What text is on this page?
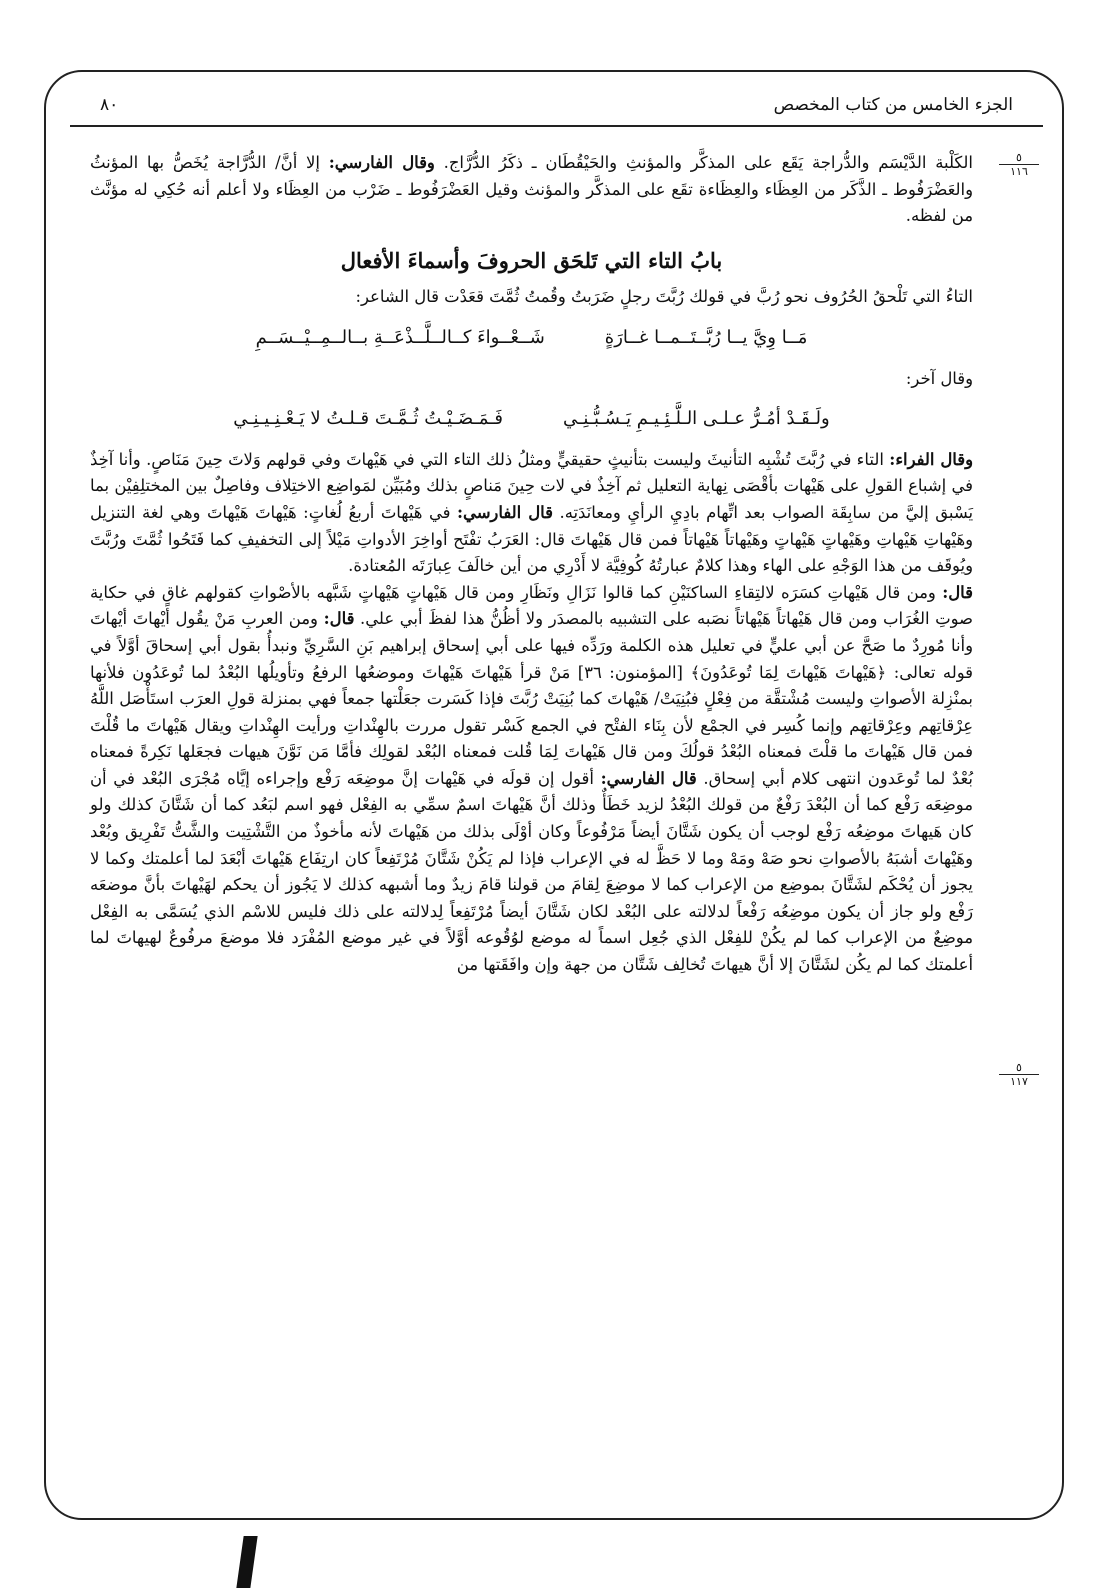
الجزء الخامس من كتاب المخصص
٨٠
٥
١١٦
٥
١١٧

الكَلْبة الدَّيْسَم والدُّراجة يَقَع على المذكَّر والمؤنثِ والحَيْقُطَان ـ ذكَرُ الدُّرَّاج. وقال الفارسي: إلا أنَّ/ الدُّرَّاجة يُخَصُّ بها المؤنثُ والعَضْرَفُوط ـ الذَّكَر من العِظَاء والعِظَاءة تقَع على المذكَّر والمؤنث وقيل العَضْرَفُوط ـ ضَرْب من العِظَاء ولا أعلم أنه حُكِي له مؤنَّث من لفظه.

بابُ التاء التي تَلحَق الحروفَ وأسماءَ الأفعال

التاءُ التي تَلْحقُ الحُرُوف نحو رُبَّ في قولك رُبَّتَ رجلٍ ضَرَبتُ وقُمتُ ثُمَّتَ قعَدْت قال الشاعر:

مَــا وِيَّ يــا رُبَّــتَــمــا غــارَةٍ
شَــعْــواءَ كــالــلَّــذْعَــةِ بــالــمِــيْــسَــمِ

وقال آخر:

ولَـقَـدْ أمُـرُّ عـلـى الـلَّـئِـيـمِ يَـسُـبُّـنِـي
فَـمَـضَـيْـتُ ثُـمَّـتَ قـلـتُ لا يَـعْـنِـيـنِـي

وقال الفراء: التاء في رُبَّتَ تُشْبِه التأنيثَ وليست بتأنيثٍ حقيقيٍّ ومثلُ ذلك التاء التي في هَيْهاتَ وفي قولهم وَلاتَ حِينَ مَنَاصٍ. وأنا آخِذٌ في إشباع القولِ على هَيْهات بأقْصَى نِهاية التعليل ثم آخِذٌ في لات حِينَ مَناصٍ بذلك ومُبَيِّن لمَواضِع الاختِلاف وفاصِلٌ بين المختلِفِيْن بما يَسْبق إليَّ من سابِقَة الصواب بعد اتِّهام بادِيِ الرأيِ ومعانَدَتِه. قال الفارسي: في هَيْهاتَ أربعُ لُغاتٍ: هَيْهاتَ هَيْهاتَ وهي لغة التنزيل وهَيْهاتِ هَيْهاتِ وهَيْهاتٍ هَيْهاتٍ وهَيْهاتاً هَيْهاتاً فمن قال هَيْهاتَ قال: العَرَبُ تفْتَح أواخِرَ الأدواتِ مَيْلاً إلى التخفيفِ كما فَتَحُوا ثُمَّتَ ورُبَّتَ ويُوقَف من هذا الوَجْهِ على الهاء وهذا كلامٌ عبارتُهُ كُوفِيَّة لا أَدْرِي من أين خالَفَ عِبارَتَه المُعتادة.

قال: ومن قال هَيْهاتِ كسَرَه لالتِقاءِ الساكنَيْنِ كما قالوا نَزَالِ ونَظَارِ ومن قال هَيْهاتٍ هَيْهاتٍ شَبَّهه بالأصْواتِ كقولهم غاقٍ في حكاية صوتِ الغُرَاب ومن قال هَيْهاتاً هَيْهاتاً نصَبه على التشبيه بالمصدَر ولا أظُنُّ هذا لفظَ أبي علي. قال: ومن العربِ مَنْ يقُول أيْهاتَ أيْهاتَ وأنا مُورِدٌ ما صَحَّ عن أبي عليٍّ في تعليل هذه الكلمة ورَدِّه فيها على أبي إسحاق إبراهيم بَنِ السَّرِيِّ ونبدأُ بقول أبي إسحاقَ أوَّلاً في قوله تعالى: ﴿هَيْهاتَ هَيْهاتَ لِمَا تُوعَدُونَ﴾ [المؤمنون: ٣٦] مَنْ قرأ هَيْهاتَ هَيْهاتَ وموضعُها الرفعُ وتأويلُها البُعْدُ لما تُوعَدُون فلأنها بمنْزِلة الأصواتِ وليست مُشْتقَّة من فِعْلٍ فبُنِيَتْ/ هَيْهاتَ كما بُنِيَتْ رُبَّتَ فإذا كَسَرت جعَلْتها جمعاً فهي بمنزلة قولِ العرَب استَأْصَل اللَّهُ عِرْقاتِهم وعِرْقاتِهم وإنما كُسِر في الجمْع لأن بِنَاء الفتْح في الجمع كَسْر تقول مررت بالهِنْداتِ ورأيت الهِنْداتِ ويقال هَيْهاتَ ما قُلْتَ فمن قال هَيْهاتَ ما قلْتَ فمعناه البُعْدُ قولُكَ ومن قال هَيْهاتَ لِمَا قُلت فمعناه البُعْد لقولِك فأمَّا مَن نَوَّنَ هيهات فجعَلها نَكِرةً فمعناه بُعْدٌ لما تُوعَدون انتهى كلام أبي إسحاق. قال الفارسي: أقول إن قولَه في هَيْهات إنَّ موضِعَه رَفْع وإجراءه إيَّاه مُجْرَى البُعْد في أن موضِعَه رَفْع كما أن البُعْدَ رَفْعٌ من قولك البُعْدُ لزيد خَطَأٌ وذلك أنَّ هَيْهاتَ اسمٌ سمِّي به الفِعْل فهو اسم لبَعُد كما أن شَتَّانَ كذلك ولو كان هَيهاتَ موضِعُه رَفْع لوجب أن يكون شَتَّانَ أيضاً مَرْفُوعاً وكان أوْلَى بذلك من هَيْهاتَ لأنه مأخوذٌ من التَّشْتِيت والشَّتُّ تَفْرِيق وبُعْد وهَيْهاتَ أشبَهُ بالأصواتِ نحو صَهْ ومَهْ وما لا حَظَّ له في الإعراب فإذا لم يَكُنْ شَتَّانَ مُرْتَفِعاً كان ارتِفَاع هَيْهاتَ أبْعَدَ لما أعلمتك وكما لا يجوز أن يُحْكَم لشَتَّانَ بموضِع من الإعراب كما لا موضِعَ لِقامَ من قولنا قامَ زيدٌ وما أشبهه كذلك لا يَجُوز أن يحكم لهَيْهاتَ بأنَّ موضعَه رَفْع ولو جاز أن يكون موضِعُه رَفْعاً لدلالته على البُعْد لكان شَتَّانَ أيضاً مُرْتَفِعاً لِدلالته على ذلك فليس للاسْم الذي يُسَمَّى به الفِعْل موضِعٌ من الإعراب كما لم يكُنْ للفِعْل الذي جُعِل اسماً له موضع لوُقُوعه أوَّلاً في غير موضع المُفْرَد فلا موضعَ مرفُوعٌ لهيهاتَ لما أعلمتك كما لم يكُن لشَتَّانَ إلا أنَّ هيهاتَ تُخالِف شَتَّان من جهة وإن وافَقَتها من
